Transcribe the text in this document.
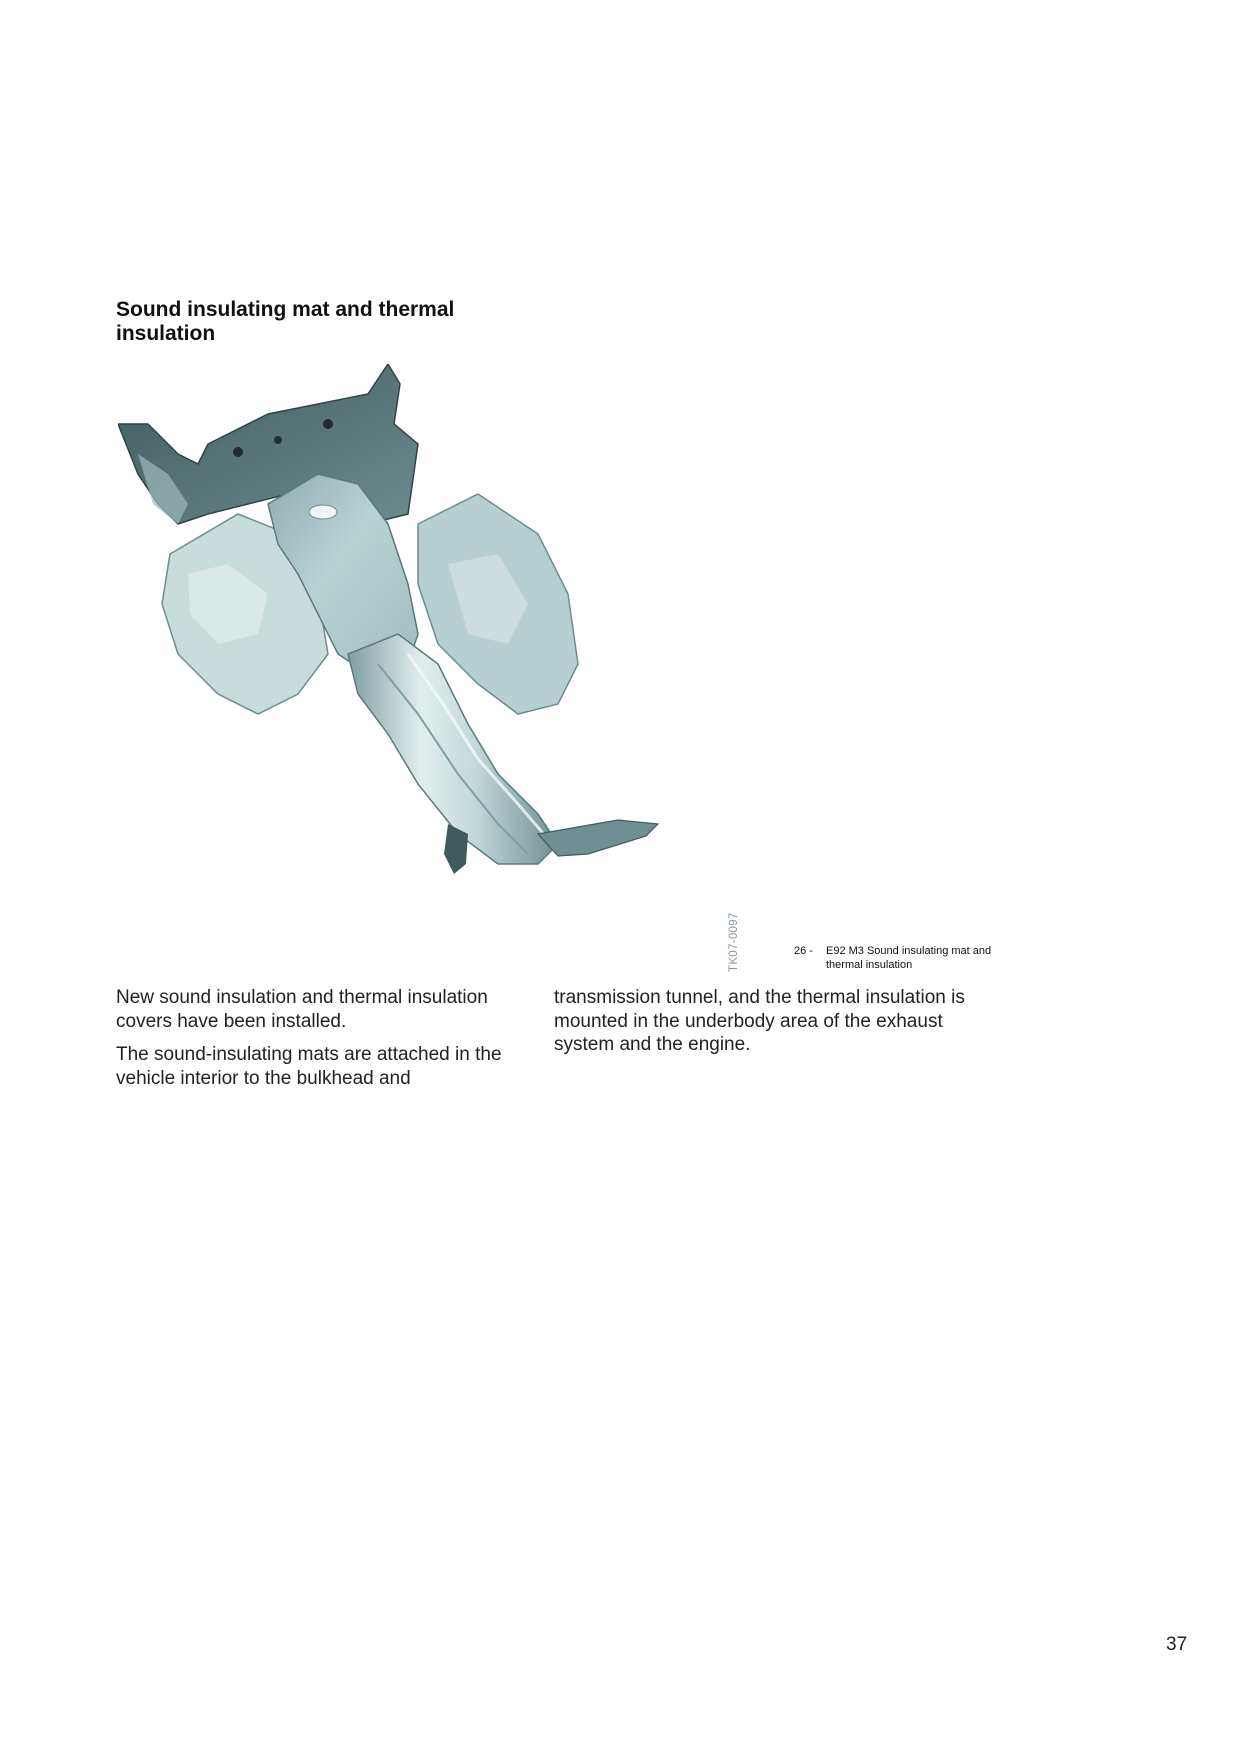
Sound insulating mat and thermal insulation
TK07-0097	26 - E92 M3 Sound insulating mat and thermal insulation

New sound insulation and thermal insulation covers have been installed.

The sound-insulating mats are attached in the vehicle interior to the bulkhead and

transmission tunnel, and the thermal insulation is mounted in the underbody area of the exhaust system and the engine.

37
